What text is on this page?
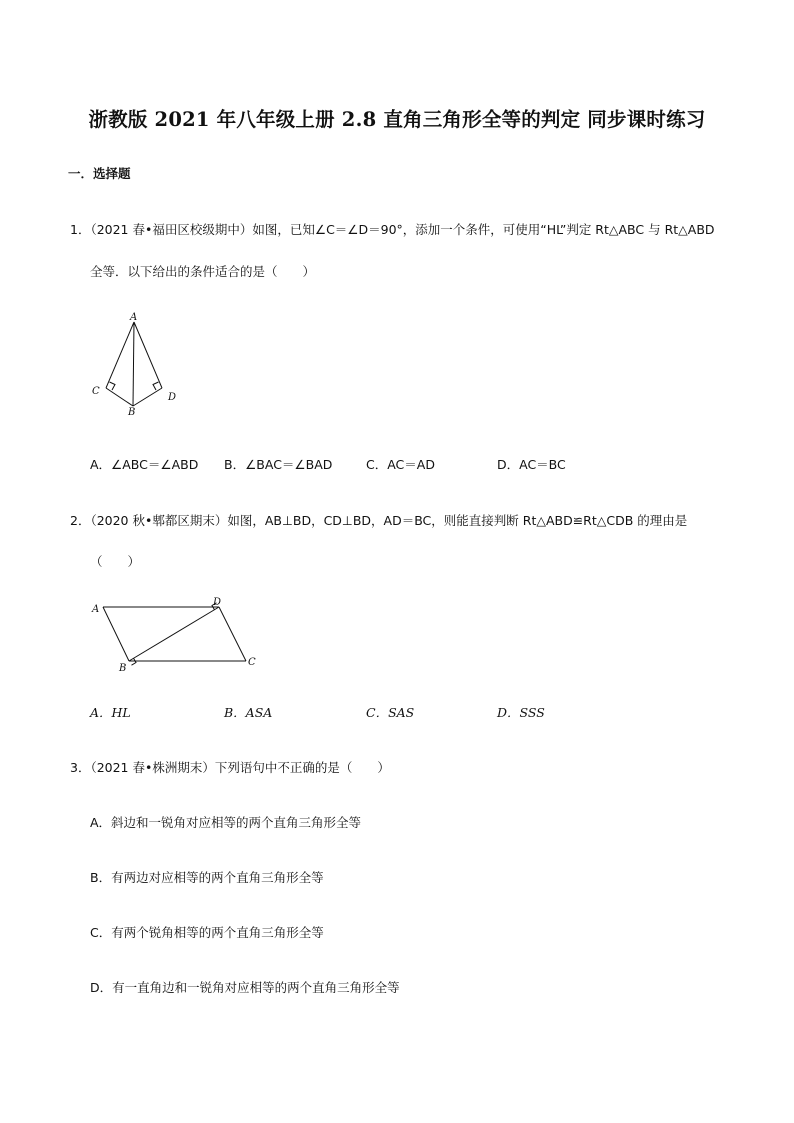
浙教版 2021 年八年级上册 2.8 直角三角形全等的判定 同步课时练习
一．选择题
1．（2021 春•福田区校级期中）如图，已知∠C＝∠D＝90°，添加一个条件，可使用“HL”判定 Rt△ABC 与 Rt△ABD
全等．以下给出的条件适合的是（　　）
A
C
B
D
A．∠ABC＝∠ABD B．∠BAC＝∠BAD	C．AC＝AD	D．AC＝BC
2．（2020 秋•郫都区期末）如图，AB⊥BD，CD⊥BD，AD＝BC，则能直接判断 Rt△ABD≌Rt△CDB 的理由是
（　　）
A
D
B
C
A．HL	B．ASA	C．SAS	D．SSS
3．（2021 春•株洲期末）下列语句中不正确的是（　　）
A．斜边和一锐角对应相等的两个直角三角形全等
B．有两边对应相等的两个直角三角形全等
C．有两个锐角相等的两个直角三角形全等
D．有一直角边和一锐角对应相等的两个直角三角形全等
